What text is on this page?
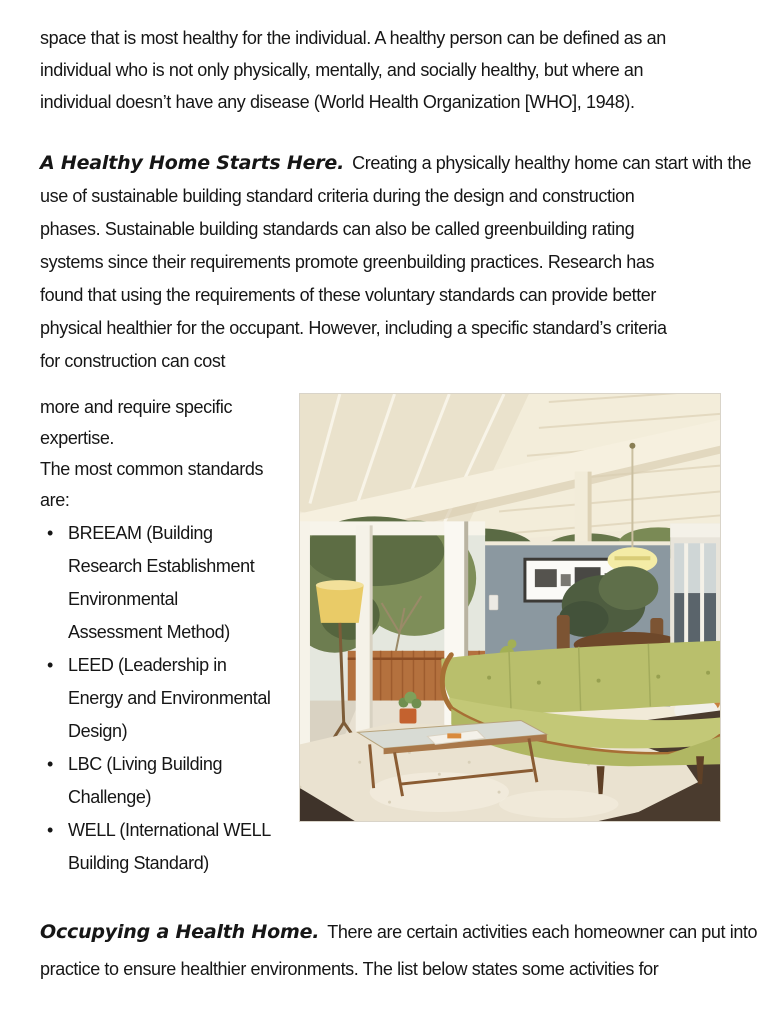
space that is most healthy for the individual. A healthy person can be defined as an
individual who is not only physically, mentally, and socially healthy, but where an
individual doesn’t have any disease (World Health Organization [WHO], 1948).
A Healthy Home Starts Here. Creating a physically healthy home can start with the
use of sustainable building standard criteria during the design and construction
phases. Sustainable building standards can also be called greenbuilding rating
systems since their requirements promote greenbuilding practices. Research has
found that using the requirements of these voluntary standards can provide better
physical healthier for the occupant. However, including a specific standard’s criteria
for construction can cost
more and require specific
expertise.
The most common standards
are:
• BREEAM (Building
Research Establishment
Environmental
Assessment Method)
• LEED (Leadership in
Energy and Environmental
Design)
• LBC (Living Building
Challenge)
• WELL (International WELL
Building Standard)
Occupying a Health Home. There are certain activities each homeowner can put into
practice to ensure healthier environments. The list below states some activities for
